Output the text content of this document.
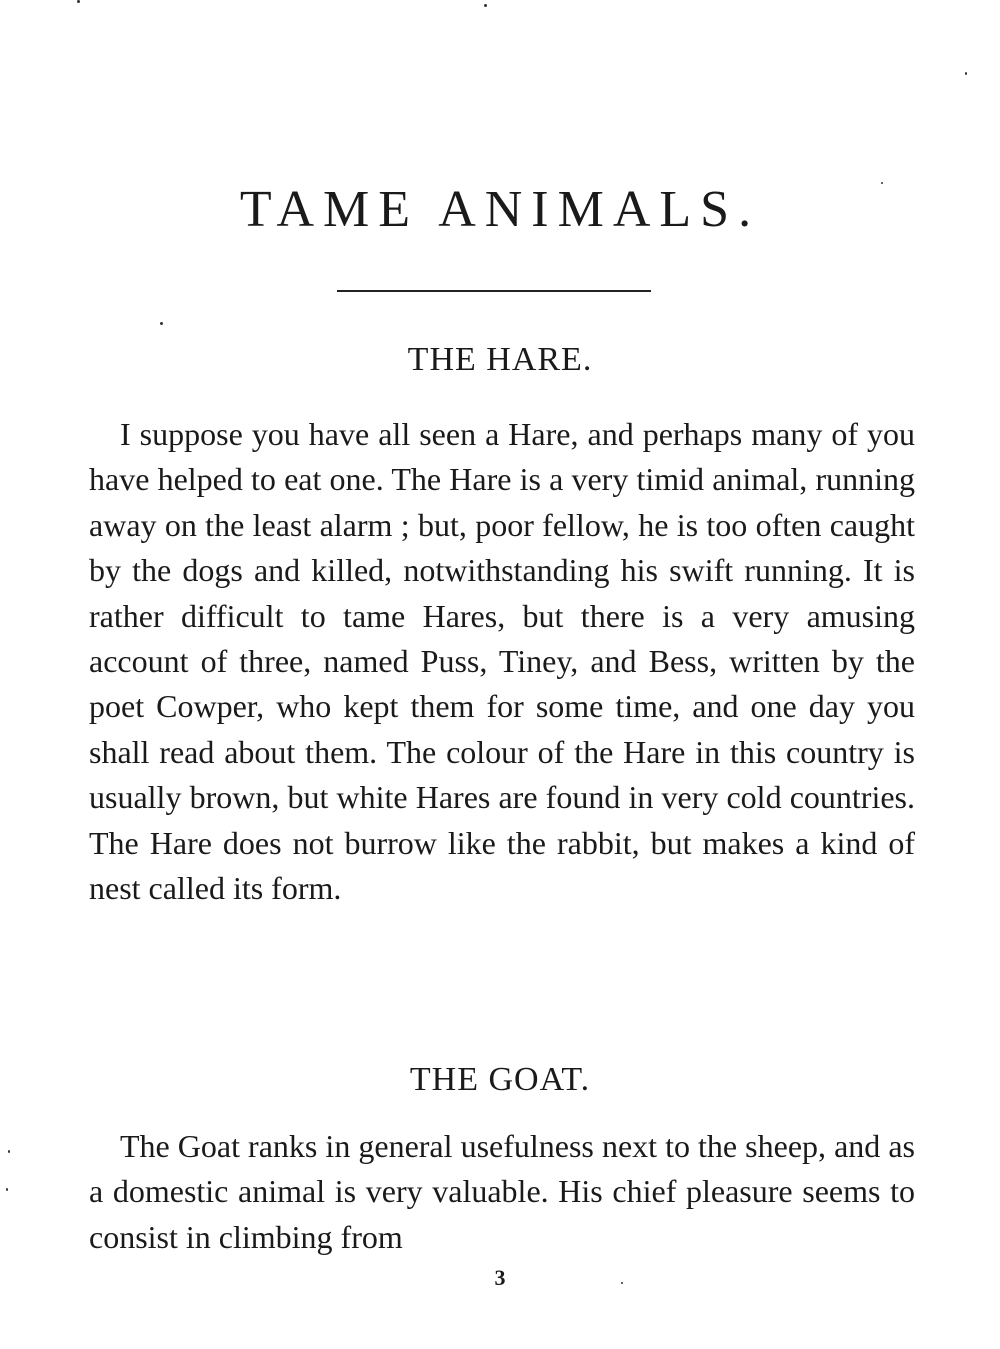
TAME ANIMALS.
THE HARE.

I suppose you have all seen a Hare, and perhaps many of you have helped to eat one. The Hare is a very timid animal, running away on the least alarm ; but, poor fellow, he is too often caught by the dogs and killed, notwithstanding his swift running. It is rather difficult to tame Hares, but there is a very amusing account of three, named Puss, Tiney, and Bess, written by the poet Cowper, who kept them for some time, and one day you shall read about them. The colour of the Hare in this country is usually brown, but white Hares are found in very cold countries. The Hare does not burrow like the rabbit, but makes a kind of nest called its form.

THE GOAT.

The Goat ranks in general usefulness next to the sheep, and as a domestic animal is very valuable. His chief pleasure seems to consist in climbing from

3
